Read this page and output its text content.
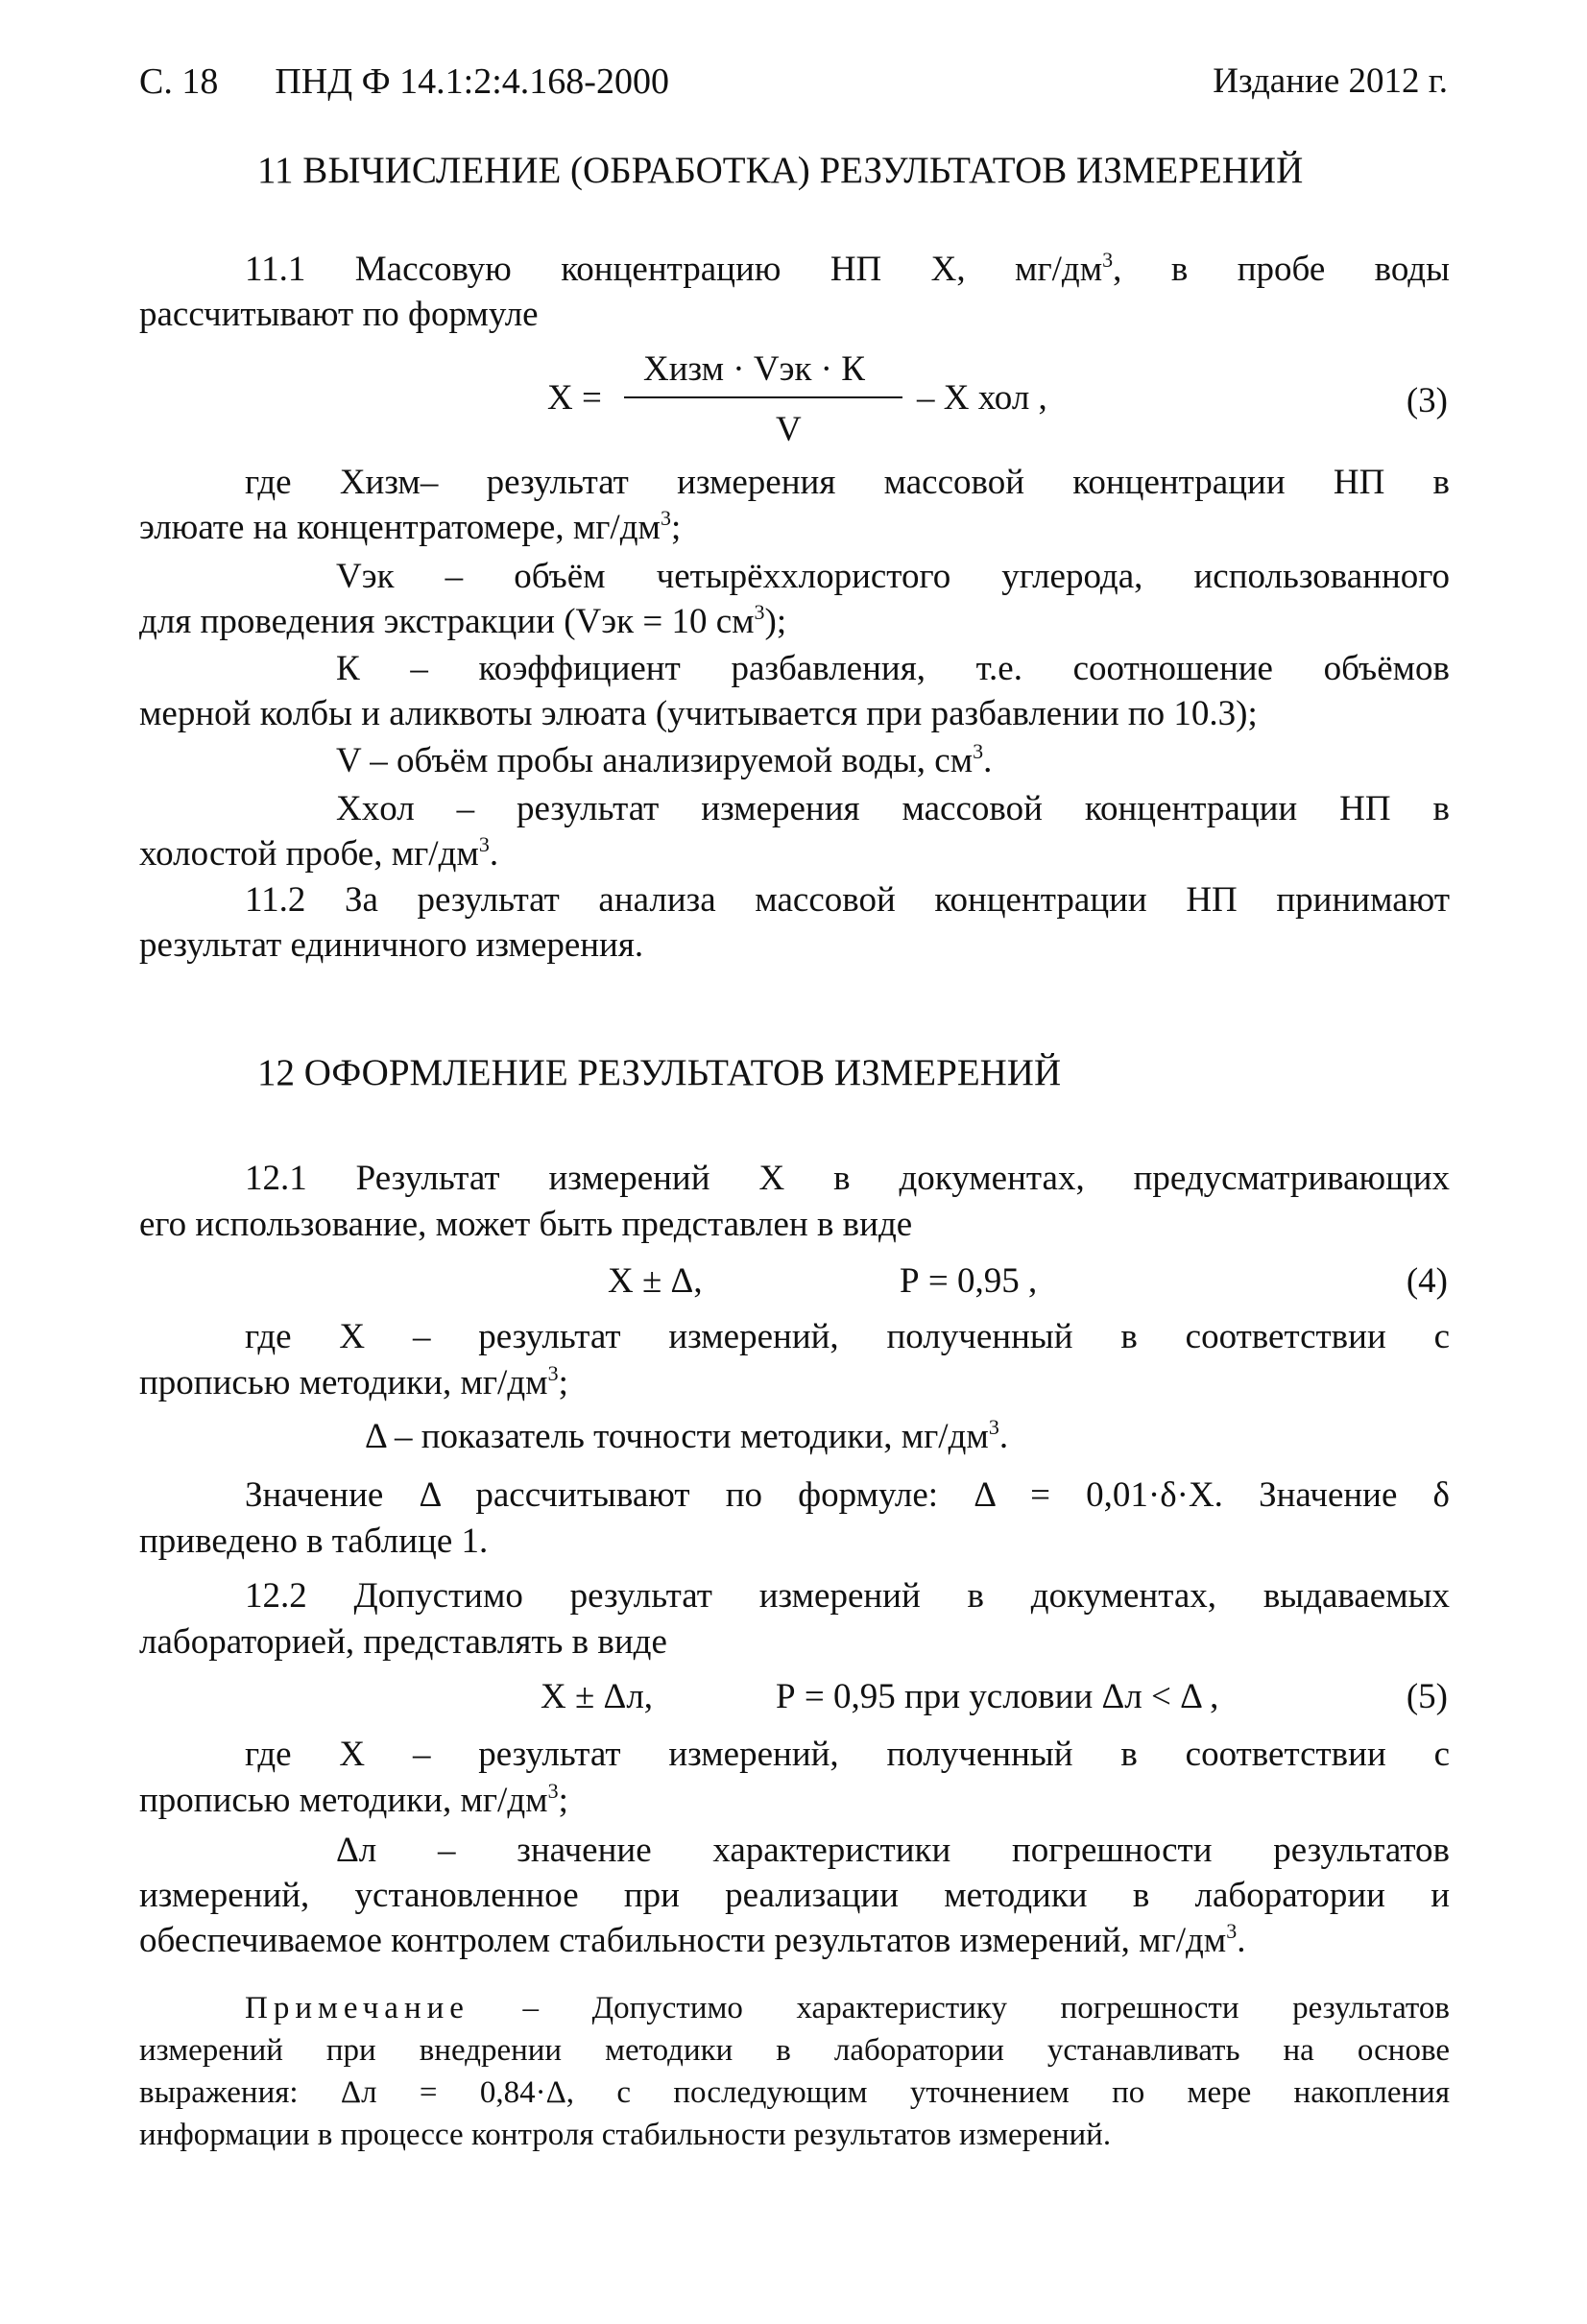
С. 18 ПНД Ф 14.1:2:4.168-2000	Издание 2012 г.
11 ВЫЧИСЛЕНИЕ (ОБРАБОТКА) РЕЗУЛЬТАТОВ ИЗМЕРЕНИЙ
11.1 Массовую концентрацию НП Х, $мг/дм^3$, в пробе воды
рассчитывают по формуле
X =
Хизм · Vэк · К
V
– Х хол ,	(3)
где Хизм– результат измерения массовой концентрации НП в
элюате на концентратомере, $мг/дм^3$;
Vэк – объём четырёххлористого углерода, использованного
для проведения экстракции (Vэк = 10 $см^3$);
К – коэффициент разбавления, т.е. соотношение объёмов
мерной колбы и аликвоты элюата (учитывается при разбавлении по 10.3);
V – объём пробы анализируемой воды, $см^3$.
Хxол – результат измерения массовой концентрации НП в
холостой пробе, $мг/дм^3$.
11.2 За результат анализа массовой концентрации НП принимают
результат единичного измерения.
12 ОФОРМЛЕНИЕ РЕЗУЛЬТАТОВ ИЗМЕРЕНИЙ
12.1 Результат измерений Х в документах, предусматривающих
его использование, может быть представлен в виде
Х ± Δ,	Р = 0,95 ,	(4)
где Х – результат измерений, полученный в соответствии с
прописью методики, $мг/дм^3$;
Δ – показатель точности методики, $мг/дм^3$.
Значение Δ рассчитывают по формуле: Δ = 0,01·δ·Х. Значение δ
приведено в таблице 1.
12.2 Допустимо результат измерений в документах, выдаваемых
лабораторией, представлять в виде
Х ± Δл,	Р = 0,95 при условии Δл < Δ ,	(5)
где Х – результат измерений, полученный в соответствии с
прописью методики, $мг/дм^3$;
Δл – значение характеристики погрешности результатов
измерений, установленное при реализации методики в лаборатории и
обеспечиваемое контролем стабильности результатов измерений, $мг/дм^3$.
Примечание – Допустимо характеристику погрешности результатов
измерений при внедрении методики в лаборатории устанавливать на основе
выражения: Δл = 0,84·Δ, с последующим уточнением по мере накопления
информации в процессе контроля стабильности результатов измерений.
